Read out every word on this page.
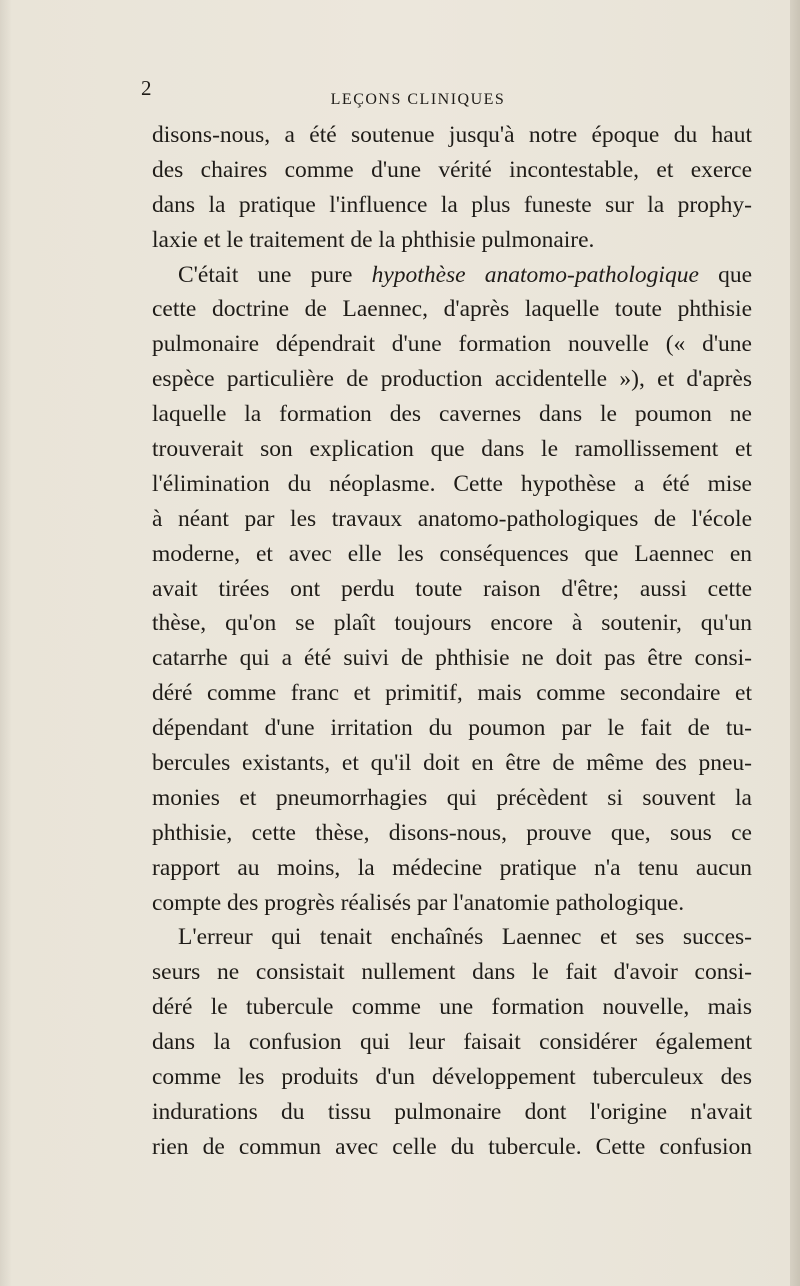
2	LEÇONS CLINIQUES
disons-nous, a été soutenue jusqu'à notre époque du haut
des chaires comme d'une vérité incontestable, et exerce
dans la pratique l'influence la plus funeste sur la prophy-
laxie et le traitement de la phthisie pulmonaire.
C'était une pure hypothèse anatomo-pathologique que
cette doctrine de Laennec, d'après laquelle toute phthisie
pulmonaire dépendrait d'une formation nouvelle (« d'une
espèce particulière de production accidentelle »), et d'après
laquelle la formation des cavernes dans le poumon ne
trouverait son explication que dans le ramollissement et
l'élimination du néoplasme. Cette hypothèse a été mise
à néant par les travaux anatomo-pathologiques de l'école
moderne, et avec elle les conséquences que Laennec en
avait tirées ont perdu toute raison d'être; aussi cette
thèse, qu'on se plaît toujours encore à soutenir, qu'un
catarrhe qui a été suivi de phthisie ne doit pas être consi-
déré comme franc et primitif, mais comme secondaire et
dépendant d'une irritation du poumon par le fait de tu-
bercules existants, et qu'il doit en être de même des pneu-
monies et pneumorrhagies qui précèdent si souvent la
phthisie, cette thèse, disons-nous, prouve que, sous ce
rapport au moins, la médecine pratique n'a tenu aucun
compte des progrès réalisés par l'anatomie pathologique.
L'erreur qui tenait enchaînés Laennec et ses succes-
seurs ne consistait nullement dans le fait d'avoir consi-
déré le tubercule comme une formation nouvelle, mais
dans la confusion qui leur faisait considérer également
comme les produits d'un développement tuberculeux des
indurations du tissu pulmonaire dont l'origine n'avait
rien de commun avec celle du tubercule. Cette confusion
